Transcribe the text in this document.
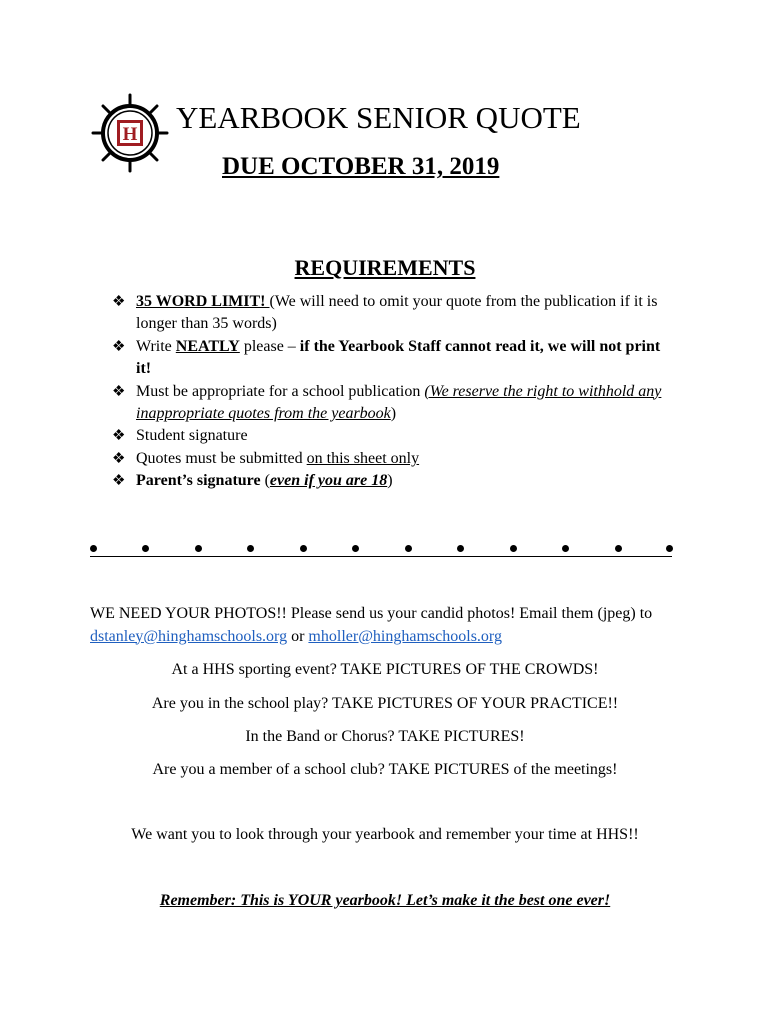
H YEARBOOK SENIOR QUOTE
DUE OCTOBER 31, 2019
REQUIREMENTS
❖ 35 WORD LIMIT! (We will need to omit your quote from the publication if it is longer than 35 words)
❖ Write NEATLY please – if the Yearbook Staff cannot read it, we will not print it!
❖ Must be appropriate for a school publication (We reserve the right to withhold any inappropriate quotes from the yearbook)
❖ Student signature
❖ Quotes must be submitted on this sheet only
❖ Parent’s signature (even if you are 18)
WE NEED YOUR PHOTOS!! Please send us your candid photos! Email them (jpeg) to dstanley@hinghamschools.org or mholler@hinghamschools.org
At a HHS sporting event? TAKE PICTURES OF THE CROWDS!
Are you in the school play? TAKE PICTURES OF YOUR PRACTICE!!
In the Band or Chorus? TAKE PICTURES!
Are you a member of a school club? TAKE PICTURES of the meetings!
We want you to look through your yearbook and remember your time at HHS!!
Remember: This is YOUR yearbook! Let’s make it the best one ever!
